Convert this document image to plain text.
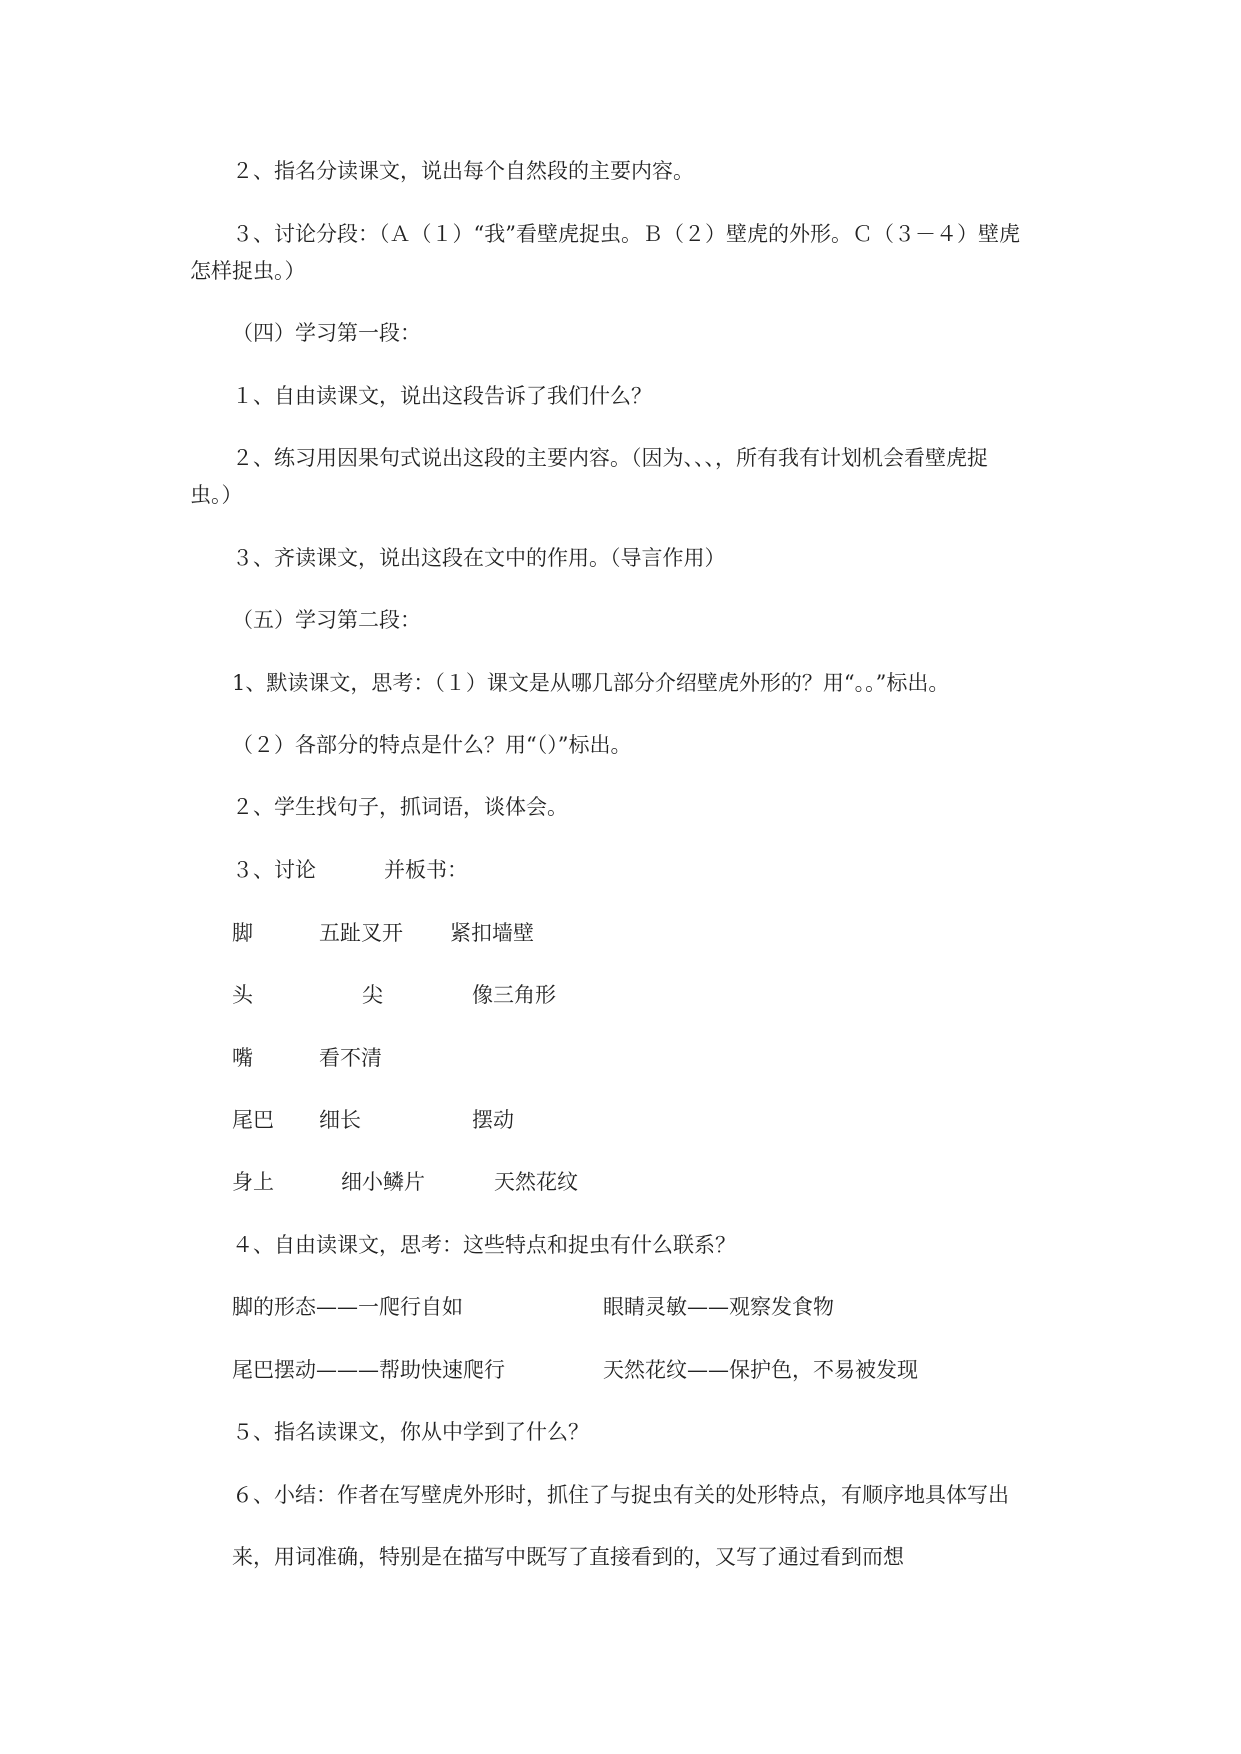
２、指名分读课文，说出每个自然段的主要内容。
３、讨论分段：（Ａ（１）“我”看壁虎捉虫。Ｂ（２）壁虎的外形。Ｃ（３－４）壁虎
怎样捉虫。）
（四）学习第一段：
１、自由读课文，说出这段告诉了我们什么？
２、练习用因果句式说出这段的主要内容。（因为、、、，所有我有计划机会看壁虎捉
虫。）
３、齐读课文，说出这段在文中的作用。（导言作用）
（五）学习第二段：
1、默读课文，思考：（１）课文是从哪几部分介绍壁虎外形的？用“。。”标出。
（２）各部分的特点是什么？用“（）”标出。
２、学生找句子，抓词语，谈体会。
３、讨论	并板书：
脚	五趾叉开 紧扣墙壁
头	尖	像三角形
嘴	看不清
尾巴 细长	摆动
身上	细小鳞片	天然花纹
４、自由读课文，思考：这些特点和捉虫有什么联系？
脚的形态——一爬行自如	眼睛灵敏——观察发食物
尾巴摆动———帮助快速爬行	天然花纹——保护色，不易被发现
５、指名读课文，你从中学到了什么？
６、小结：作者在写壁虎外形时，抓住了与捉虫有关的处形特点，有顺序地具体写出
来，用词准确，特别是在描写中既写了直接看到的，又写了通过看到而想
